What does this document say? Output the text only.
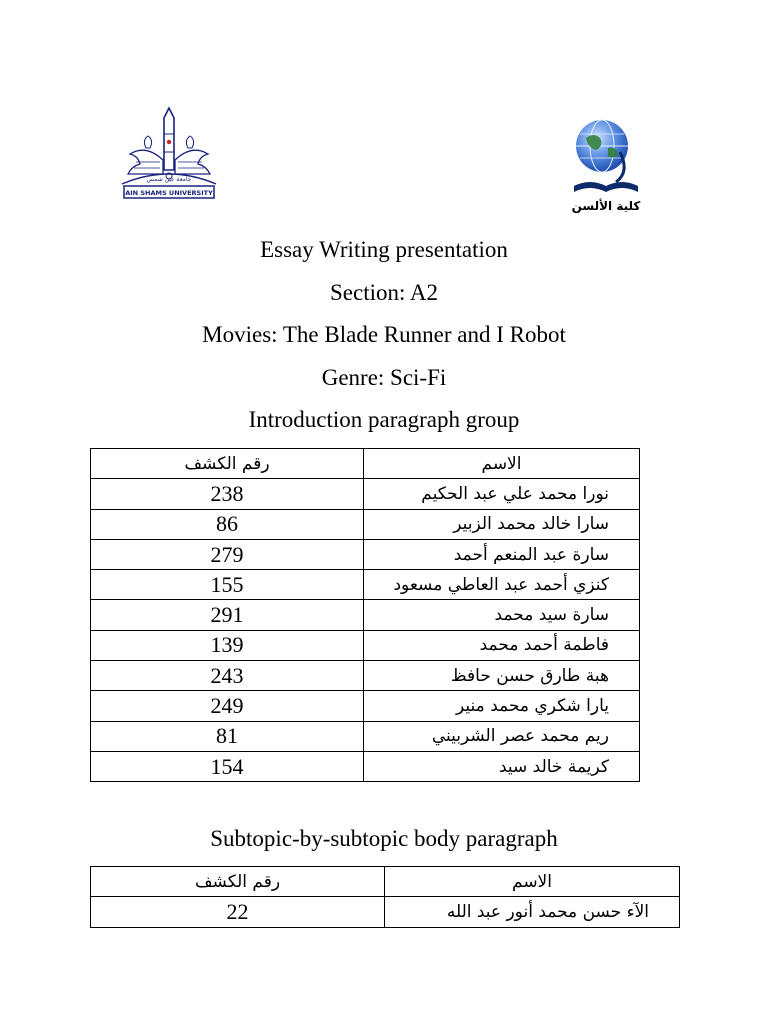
AIN SHAMS UNIVERSITY
جامعة عين شمس
كلية الألسن
Essay Writing presentation
Section: A2
Movies: The Blade Runner and I Robot
Genre: Sci-Fi
Introduction paragraph group
رقم الكشف	الاسم
238	نورا محمد علي عبد الحكيم
86	سارا خالد محمد الزبير
279	سارة عبد المنعم أحمد
155	كنزي أحمد عبد العاطي مسعود
291	سارة سيد محمد
139	فاطمة أحمد محمد
243	هبة طارق حسن حافظ
249	يارا شكري محمد منير
81	ريم محمد عصر الشربيني
154	كريمة خالد سيد
Subtopic-by-subtopic body paragraph
رقم الكشف	الاسم
22	الآء حسن محمد أنور عبد الله
